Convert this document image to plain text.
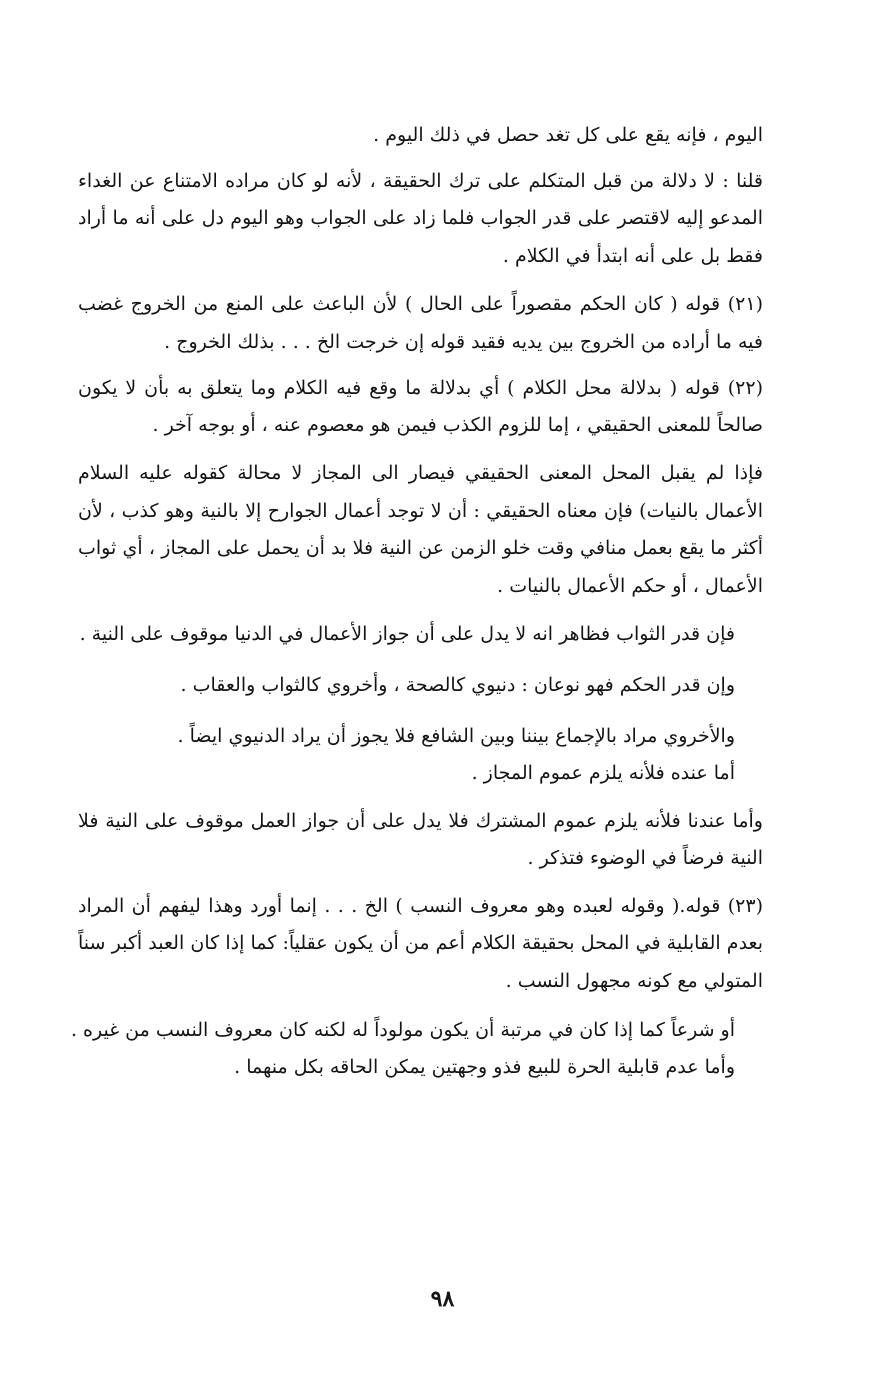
اليوم ، فإنه يقع على كل تغد حصل في ذلك اليوم .
قلنا : لا دلالة من قبل المتكلم على ترك الحقيقة ، لأنه لو كان مراده الامتناع عن الغداء
المدعو إليه لاقتصر على قدر الجواب فلما زاد على الجواب وهو اليوم دل على أنه ما أراد
فقط بل على أنه ابتدأ في الكلام .
(٢١) قوله ( كان الحكم مقصوراً على الحال ) لأن الباعث على المنع من الخروج غضب
فيه ما أراده من الخروج بين يديه فقيد قوله إن خرجت الخ . . . بذلك الخروج .
(٢٢) قوله ( بدلالة محل الكلام ) أي بدلالة ما وقع فيه الكلام وما يتعلق به بأن لا يكون
صالحاً للمعنى الحقيقي ، إما للزوم الكذب فيمن هو معصوم عنه ، أو بوجه آخر .
فإذا لم يقبل المحل المعنى الحقيقي فيصار الى المجاز لا محالة كقوله عليه السلام
الأعمال بالنيات) فإن معناه الحقيقي : أن لا توجد أعمال الجوارح إلا بالنية وهو كذب ، لأن
أكثر ما يقع بعمل منافي وقت خلو الزمن عن النية فلا بد أن يحمل على المجاز ، أي ثواب
الأعمال ، أو حكم الأعمال بالنيات .
فإن قدر الثواب فظاهر انه لا يدل على أن جواز الأعمال في الدنيا موقوف على النية .
وإن قدر الحكم فهو نوعان : دنيوي كالصحة ، وأخروي كالثواب والعقاب .
والأخروي مراد بالإجماع بيننا وبين الشافع فلا يجوز أن يراد الدنيوي ايضاً .
أما عنده فلأنه يلزم عموم المجاز .
وأما عندنا فلأنه يلزم عموم المشترك فلا يدل على أن جواز العمل موقوف على النية فلا
النية فرضاً في الوضوء فتذكر .
(٢٣) قوله.( وقوله لعبده وهو معروف النسب ) الخ . . . إنما أورد وهذا ليفهم أن المراد
بعدم القابلية في المحل بحقيقة الكلام أعم من أن يكون عقلياً: كما إذا كان العبد أكبر سناً
المتولي مع كونه مجهول النسب .
أو شرعاً كما إذا كان في مرتبة أن يكون مولوداً له لكنه كان معروف النسب من غيره .
وأما عدم قابلية الحرة للبيع فذو وجهتين يمكن الحاقه بكل منهما .
٩٨
